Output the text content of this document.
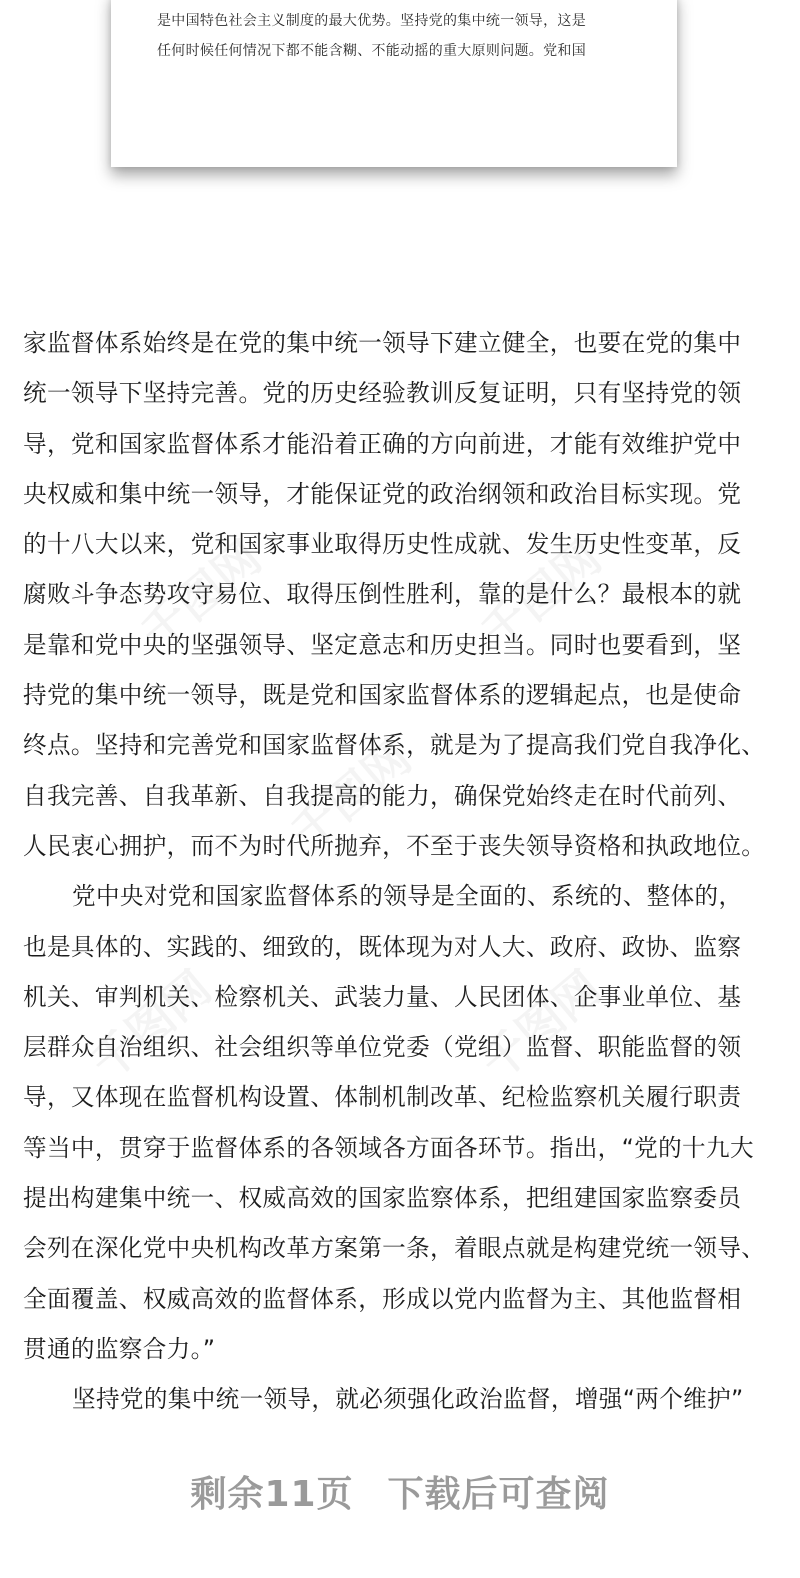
是中国特色社会主义制度的最大优势。坚持党的集中统一领导，这是
任何时候任何情况下都不能含糊、不能动摇的重大原则问题。党和国
千图网	千图网
千图网
千图网	千图网
家监督体系始终是在党的集中统一领导下建立健全，也要在党的集中
统一领导下坚持完善。党的历史经验教训反复证明，只有坚持党的领
导，党和国家监督体系才能沿着正确的方向前进，才能有效维护党中
央权威和集中统一领导，才能保证党的政治纲领和政治目标实现。党
的十八大以来，党和国家事业取得历史性成就、发生历史性变革，反
腐败斗争态势攻守易位、取得压倒性胜利，靠的是什么？最根本的就
是靠和党中央的坚强领导、坚定意志和历史担当。同时也要看到，坚
持党的集中统一领导，既是党和国家监督体系的逻辑起点，也是使命
终点。坚持和完善党和国家监督体系，就是为了提高我们党自我净化、
自我完善、自我革新、自我提高的能力，确保党始终走在时代前列、
人民衷心拥护，而不为时代所抛弃，不至于丧失领导资格和执政地位。
党中央对党和国家监督体系的领导是全面的、系统的、整体的，
也是具体的、实践的、细致的，既体现为对人大、政府、政协、监察
机关、审判机关、检察机关、武装力量、人民团体、企事业单位、基
层群众自治组织、社会组织等单位党委（党组）监督、职能监督的领
导，又体现在监督机构设置、体制机制改革、纪检监察机关履行职责
等当中，贯穿于监督体系的各领域各方面各环节。指出，“党的十九大
提出构建集中统一、权威高效的国家监察体系，把组建国家监察委员
会列在深化党中央机构改革方案第一条，着眼点就是构建党统一领导、
全面覆盖、权威高效的监督体系，形成以党内监督为主、其他监督相
贯通的监察合力。”
坚持党的集中统一领导，就必须强化政治监督，增强“两个维护”
剩余11页 下载后可查阅
